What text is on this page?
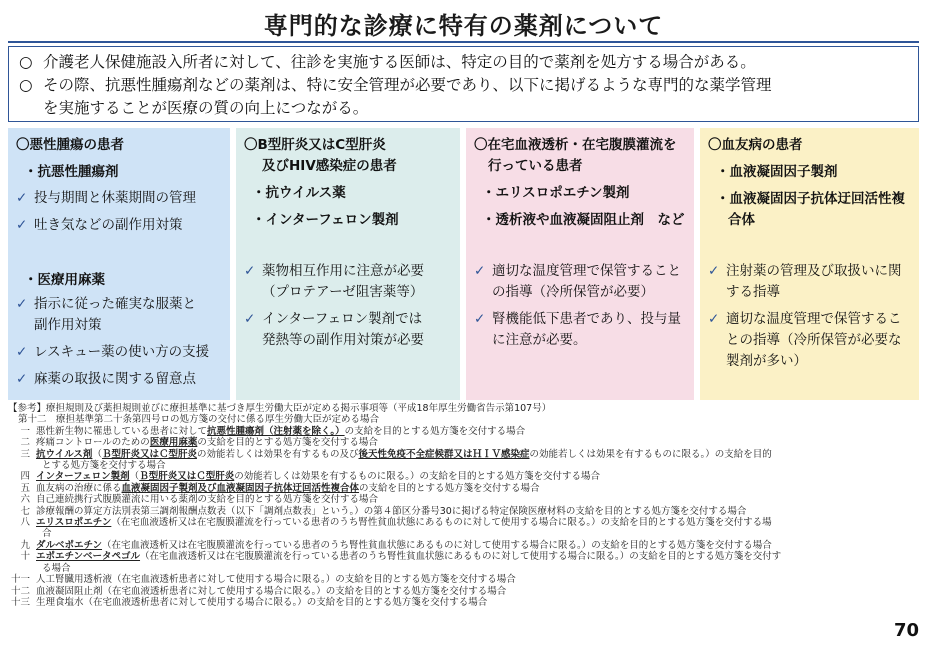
専門的な診療に特有の薬剤について
○ 介護老人保健施設入所者に対して、往診を実施する医師は、特定の目的で薬剤を処方する場合がある。
○ その際、抗悪性腫瘍剤などの薬剤は、特に安全管理が必要であり、以下に掲げるような専門的な薬学管理
を実施することが医療の質の向上につながる。
〇悪性腫瘍の患者
・抗悪性腫瘍剤
✓ 投与期間と休薬期間の管理
✓ 吐き気などの副作用対策
・医療用麻薬
✓ 指示に従った確実な服薬と
副作用対策
✓ レスキュー薬の使い方の支援
✓ 麻薬の取扱に関する留意点
〇B型肝炎又はC型肝炎
及びHIV感染症の患者
・抗ウイルス薬
・インターフェロン製剤
✓ 薬物相互作用に注意が必要
（プロテアーゼ阻害薬等）
✓ インターフェロン製剤では
発熱等の副作用対策が必要
〇在宅血液透析・在宅腹膜灌流を
行っている患者
・エリスロポエチン製剤
・透析液や血液凝固阻止剤　など
✓ 適切な温度管理で保管すること
の指導（冷所保管が必要）
✓ 腎機能低下患者であり、投与量
に注意が必要。
〇血友病の患者
・血液凝固因子製剤
・血液凝固因子抗体迂回活性複
合体
✓ 注射薬の管理及び取扱いに関
する指導
✓ 適切な温度管理で保管するこ
との指導（冷所保管が必要な
製剤が多い）
【参考】療担規則及び薬担規則並びに療担基準に基づき厚生労働大臣が定める掲示事項等（平成18年厚生労働省告示第107号）
第十二　療担基準第二十条第四号ロの処方箋の交付に係る厚生労働大臣が定める場合
一 悪性新生物に罹患している患者に対して抗悪性腫瘍剤（注射薬を除く。）の支給を目的とする処方箋を交付する場合
二 疼痛コントロールのための医療用麻薬の支給を目的とする処方箋を交付する場合
三 抗ウイルス剤（Ｂ型肝炎又はＣ型肝炎の効能若しくは効果を有するもの及び後天性免疫不全症候群又はＨＩＶ感染症の効能若しくは効果を有するものに限る。）の支給を目的
とする処方箋を交付する場合
四 インターフェロン製剤（Ｂ型肝炎又はＣ型肝炎の効能若しくは効果を有するものに限る。）の支給を目的とする処方箋を交付する場合
五 血友病の治療に係る血液凝固因子製剤及び血液凝固因子抗体迂回活性複合体の支給を目的とする処方箋を交付する場合
六 自己連続携行式腹膜灌流に用いる薬剤の支給を目的とする処方箋を交付する場合
七 診療報酬の算定方法別表第三調剤報酬点数表（以下「調剤点数表」という。）の第４節区分番号30に掲げる特定保険医療材料の支給を目的とする処方箋を交付する場合
八 エリスロポエチン（在宅血液透析又は在宅腹膜灌流を行っている患者のうち腎性貧血状態にあるものに対して使用する場合に限る。）の支給を目的とする処方箋を交付する場
合
九 ダルベポエチン（在宅血液透析又は在宅腹膜灌流を行っている患者のうち腎性貧血状態にあるものに対して使用する場合に限る。）の支給を目的とする処方箋を交付する場合
十 エポエチンベータペゴル（在宅血液透析又は在宅腹膜灌流を行っている患者のうち腎性貧血状態にあるものに対して使用する場合に限る。）の支給を目的とする処方箋を交付す
る場合
十一 人工腎臓用透析液（在宅血液透析患者に対して使用する場合に限る。）の支給を目的とする処方箋を交付する場合
十二 血液凝固阻止剤（在宅血液透析患者に対して使用する場合に限る。）の支給を目的とする処方箋を交付する場合
十三 生理食塩水（在宅血液透析患者に対して使用する場合に限る。）の支給を目的とする処方箋を交付する場合
70
